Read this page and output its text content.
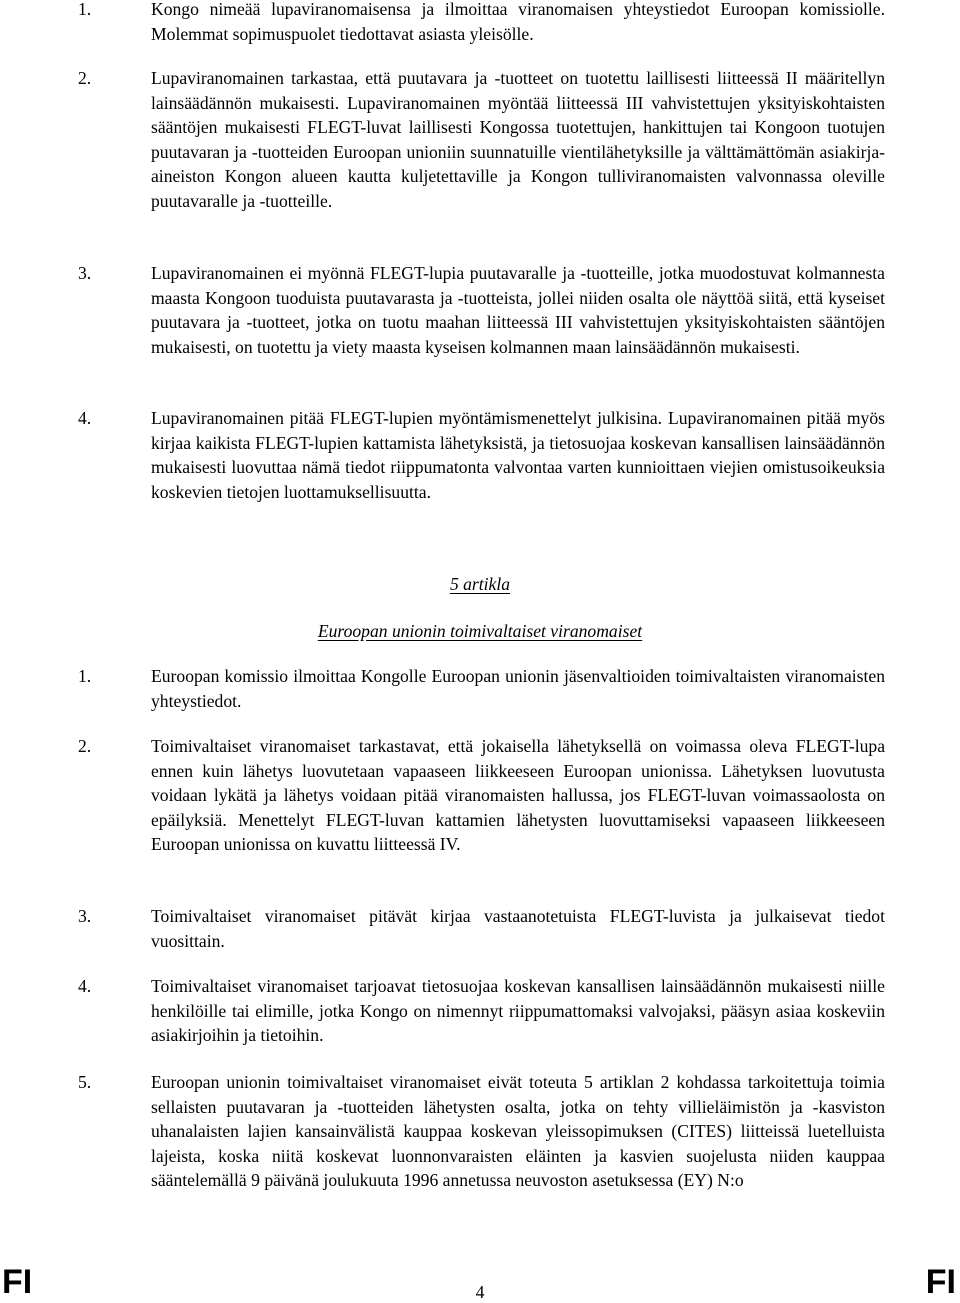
1.	Kongo nimeää lupaviranomaisensa ja ilmoittaa viranomaisen yhteystiedot Euroopan komissiolle. Molemmat sopimuspuolet tiedottavat asiasta yleisölle.
2.	Lupaviranomainen tarkastaa, että puutavara ja -tuotteet on tuotettu laillisesti liitteessä II määritellyn lainsäädännön mukaisesti. Lupaviranomainen myöntää liitteessä III vahvistettujen yksityiskohtaisten sääntöjen mukaisesti FLEGT-luvat laillisesti Kongossa tuotettujen, hankittujen tai Kongoon tuotujen puutavaran ja -tuotteiden Euroopan unioniin suunnatuille vientilähetyksille ja välttämättömän asiakirja-aineiston Kongon alueen kautta kuljetettaville ja Kongon tulliviranomaisten valvonnassa oleville puutavaralle ja -tuotteille.
3.	Lupaviranomainen ei myönnä FLEGT-lupia puutavaralle ja -tuotteille, jotka muodostuvat kolmannesta maasta Kongoon tuoduista puutavarasta ja -tuotteista, jollei niiden osalta ole näyttöä siitä, että kyseiset puutavara ja -tuotteet, jotka on tuotu maahan liitteessä III vahvistettujen yksityiskohtaisten sääntöjen mukaisesti, on tuotettu ja viety maasta kyseisen kolmannen maan lainsäädännön mukaisesti.
4.	Lupaviranomainen pitää FLEGT-lupien myöntämismenettelyt julkisina. Lupaviranomainen pitää myös kirjaa kaikista FLEGT-lupien kattamista lähetyksistä, ja tietosuojaa koskevan kansallisen lainsäädännön mukaisesti luovuttaa nämä tiedot riippumatonta valvontaa varten kunnioittaen viejien omistusoikeuksia koskevien tietojen luottamuksellisuutta.
5 artikla
Euroopan unionin toimivaltaiset viranomaiset
1.	Euroopan komissio ilmoittaa Kongolle Euroopan unionin jäsenvaltioiden toimivaltaisten viranomaisten yhteystiedot.
2.	Toimivaltaiset viranomaiset tarkastavat, että jokaisella lähetyksellä on voimassa oleva FLEGT-lupa ennen kuin lähetys luovutetaan vapaaseen liikkeeseen Euroopan unionissa. Lähetyksen luovutusta voidaan lykätä ja lähetys voidaan pitää viranomaisten hallussa, jos FLEGT-luvan voimassaolosta on epäilyksiä. Menettelyt FLEGT-luvan kattamien lähetysten luovuttamiseksi vapaaseen liikkeeseen Euroopan unionissa on kuvattu liitteessä IV.
3.	Toimivaltaiset viranomaiset pitävät kirjaa vastaanotetuista FLEGT-luvista ja julkaisevat tiedot vuosittain.
4.	Toimivaltaiset viranomaiset tarjoavat tietosuojaa koskevan kansallisen lainsäädännön mukaisesti niille henkilöille tai elimille, jotka Kongo on nimennyt riippumattomaksi valvojaksi, pääsyn asiaa koskeviin asiakirjoihin ja tietoihin.
5.	Euroopan unionin toimivaltaiset viranomaiset eivät toteuta 5 artiklan 2 kohdassa tarkoitettuja toimia sellaisten puutavaran ja -tuotteiden lähetysten osalta, jotka on tehty villieläimistön ja -kasviston uhanalaisten lajien kansainvälistä kauppaa koskevan yleissopimuksen (CITES) liitteissä luetelluista lajeista, koska niitä koskevat luonnonvaraisten eläinten ja kasvien suojelusta niiden kauppaa sääntelemällä 9 päivänä joulukuuta 1996 annetussa neuvoston asetuksessa (EY) N:o
FI	4	FI
